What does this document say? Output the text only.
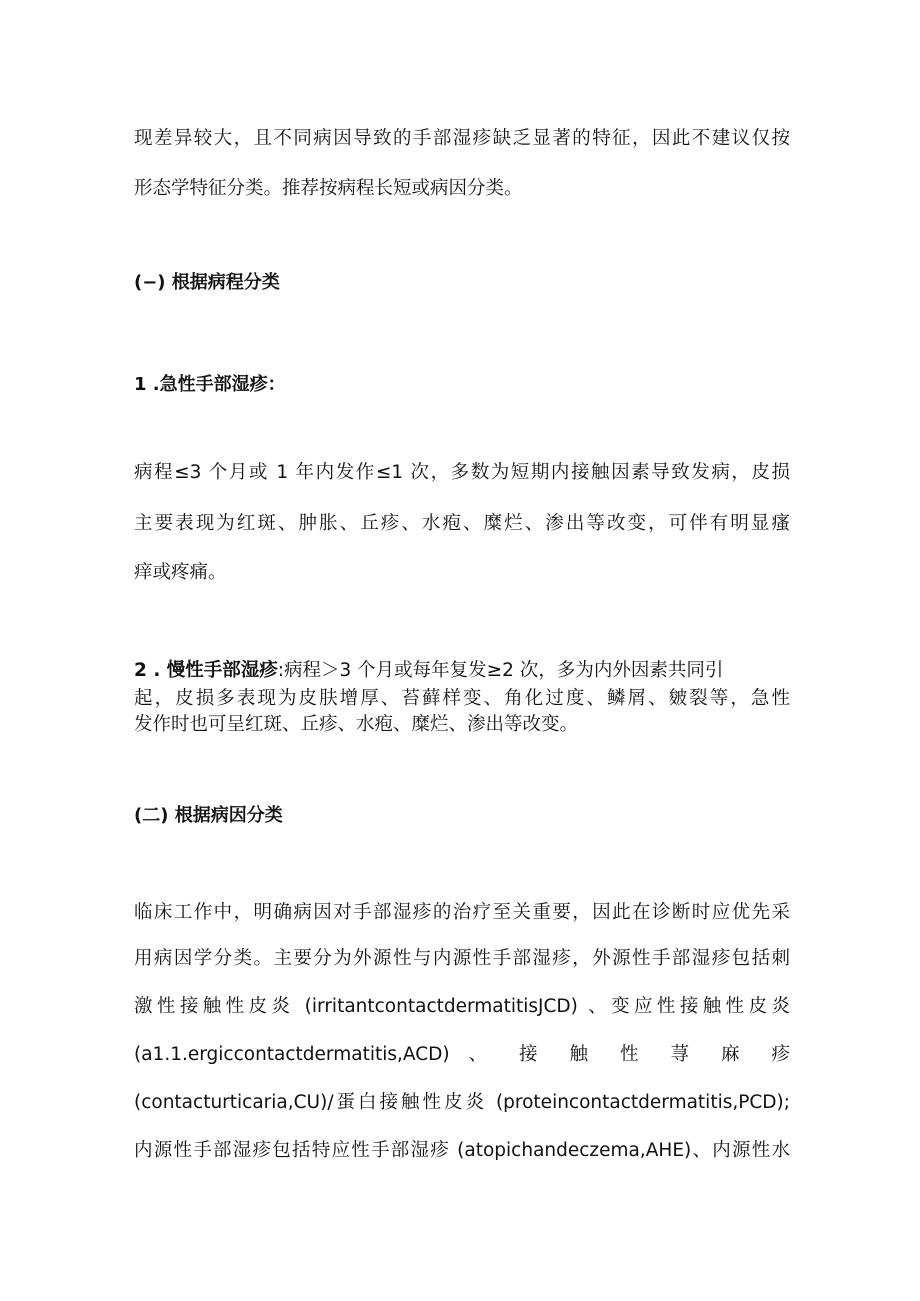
现差异较大，且不同病因导致的手部湿疹缺乏显著的特征，因此不建议仅按
形态学特征分类。推荐按病程长短或病因分类。
(−) 根据病程分类
1 .急性手部湿疹：
病程≤3 个月或 1 年内发作≤1 次，多数为短期内接触因素导致发病，皮损
主要表现为红斑、肿胀、丘疹、水疱、糜烂、渗出等改变，可伴有明显瘙
痒或疼痛。
2 . 慢性手部湿疹:病程＞3 个月或每年复发≥2 次，多为内外因素共同引
起，皮损多表现为皮肤增厚、苔藓样变、角化过度、鳞屑、皴裂等，急性
发作时也可呈红斑、丘疹、水疱、糜烂、渗出等改变。
(二) 根据病因分类
临床工作中，明确病因对手部湿疹的治疗至关重要，因此在诊断时应优先采
用病因学分类。主要分为外源性与内源性手部湿疹，外源性手部湿疹包括刺
激性接触性皮炎 (irritantcontactdermatitisJCD) 、变应性接触性皮炎
(a1.1.ergiccontactdermatitis,ACD) 、 接 触 性 荨 麻 疹
(contacturticaria,CU)/蛋白接触性皮炎 (proteincontactdermatitis,PCD);
内源性手部湿疹包括特应性手部湿疹 (atopichandeczema,AHE)、内源性水
